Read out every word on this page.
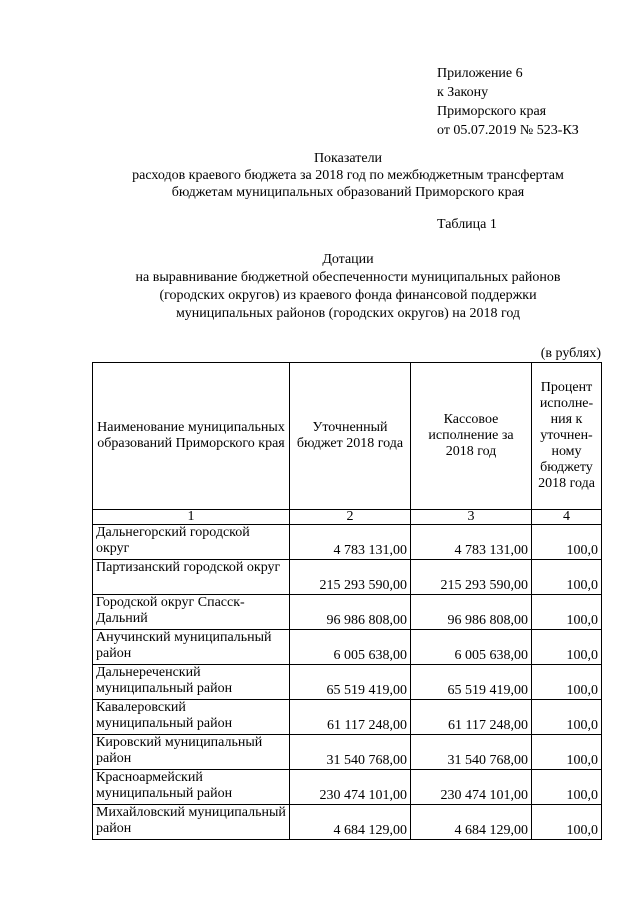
Приложение 6
к Закону
Приморского края
от 05.07.2019 № 523-КЗ
Показатели
расходов краевого бюджета за 2018 год по межбюджетным трансфертам
бюджетам муниципальных образований Приморского края
Таблица 1
Дотации
на выравнивание бюджетной обеспеченности муниципальных районов
(городских округов) из краевого фонда финансовой поддержки
муниципальных районов (городских округов) на 2018 год
(в рублях)
Наименование муниципальных образований Приморского края	Уточненный бюджет 2018 года	Кассовое исполнение за 2018 год	Процент исполне- ния к уточнен- ному бюджету 2018 года
1	2	3	4
Дальнегорский городской округ	4 783 131,00	4 783 131,00	100,0
Партизанский городской округ	215 293 590,00	215 293 590,00	100,0
Городской округ Спасск-Дальний	96 986 808,00	96 986 808,00	100,0
Анучинский муниципальный район	6 005 638,00	6 005 638,00	100,0
Дальнереченский муниципальный район	65 519 419,00	65 519 419,00	100,0
Кавалеровский муниципальный район	61 117 248,00	61 117 248,00	100,0
Кировский муниципальный район	31 540 768,00	31 540 768,00	100,0
Красноармейский муниципальный район	230 474 101,00	230 474 101,00	100,0
Михайловский муниципальный район	4 684 129,00	4 684 129,00	100,0
